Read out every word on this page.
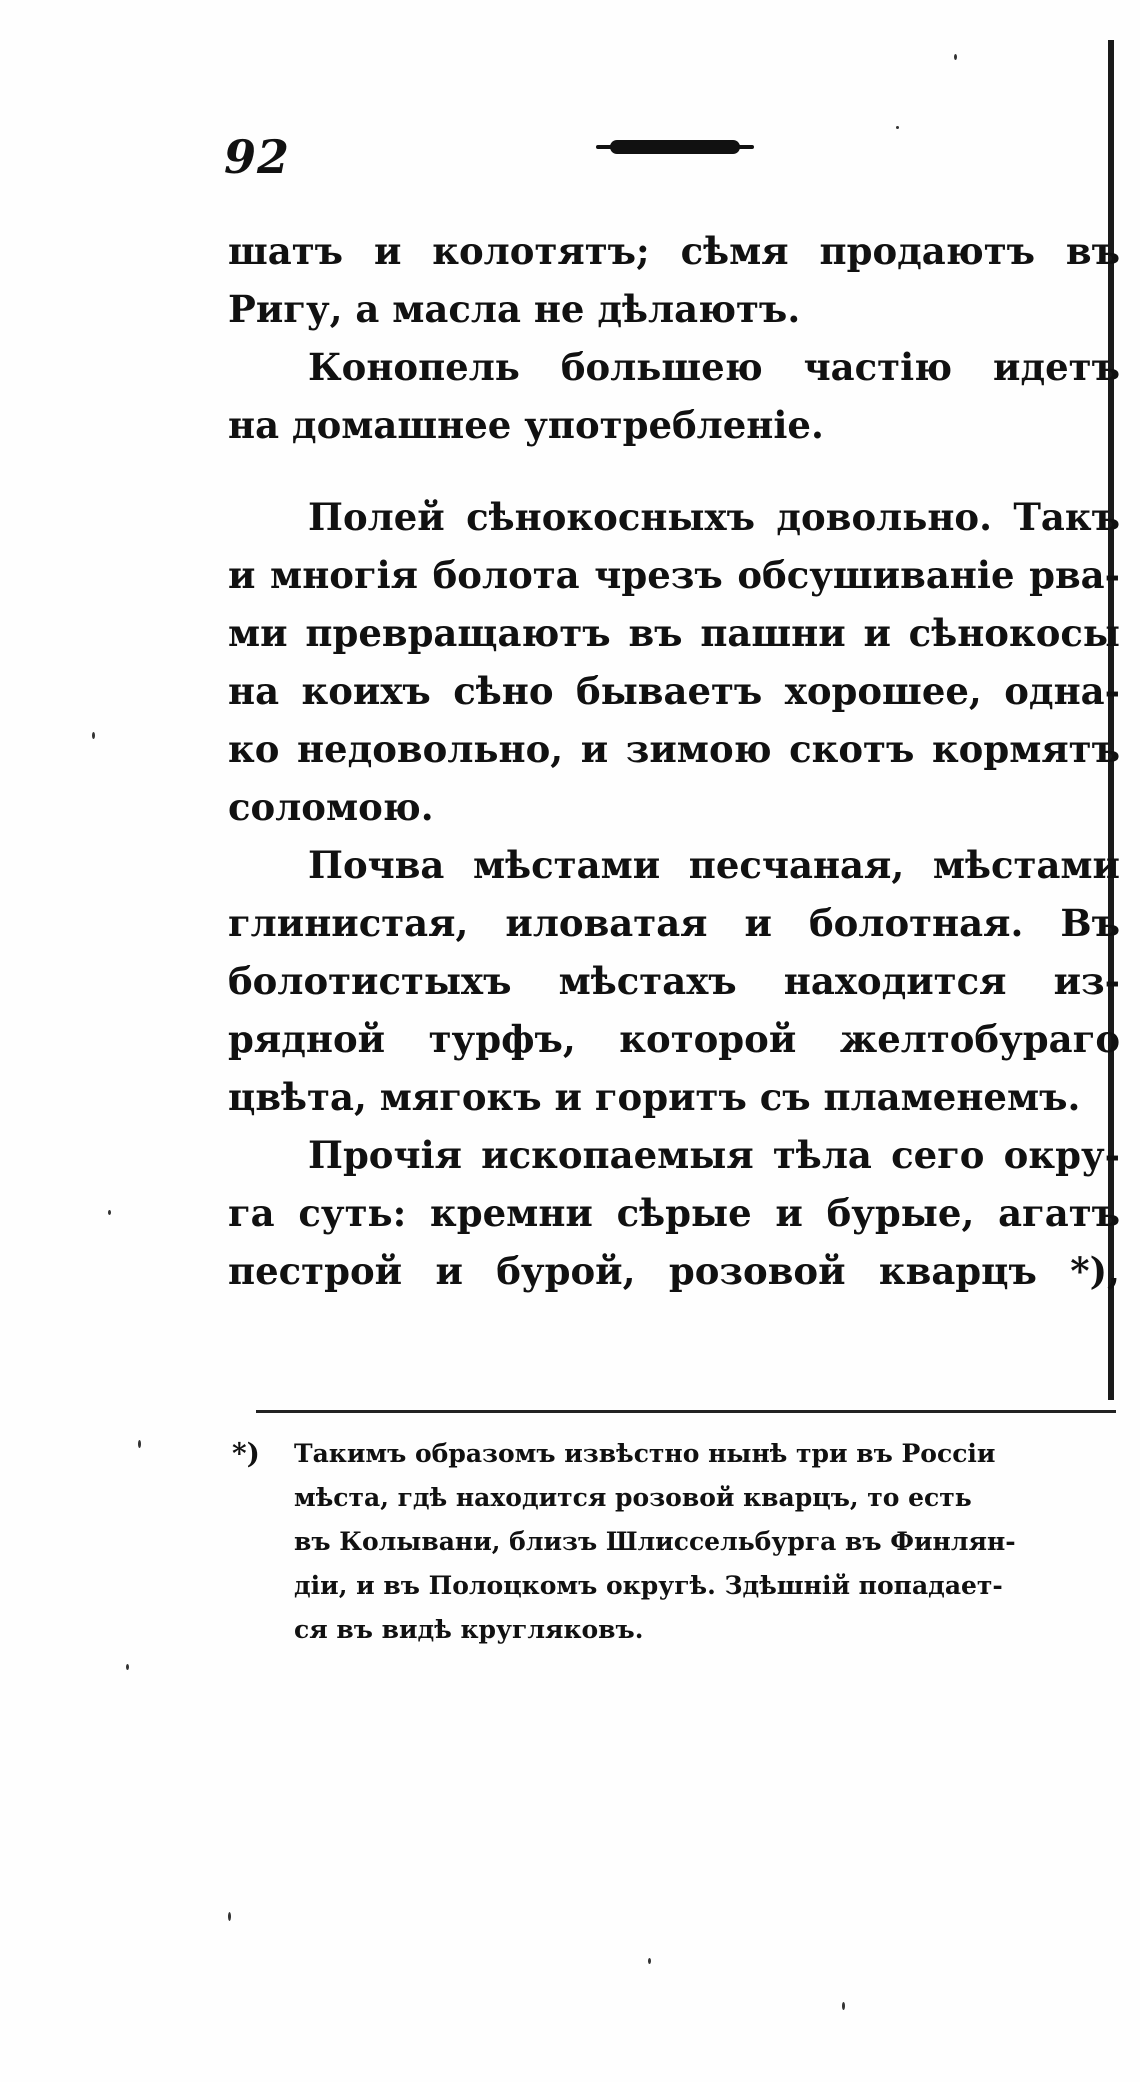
92
шатъ и колотятъ; сѣмя продаютъ въ
Ригу, а масла не дѣлаютъ.
Конопель большею частію идетъ
на домашнее употребленіе.
Полей сѣнокосныхъ довольно. Такъ
и многія болота чрезъ обсушиваніе рва-
ми превращаютъ въ пашни и сѣнокосы
на коихъ сѣно бываетъ хорошее, одна-
ко недовольно, и зимою скотъ кормятъ
соломою.
Почва мѣстами песчаная, мѣстами
глинистая, иловатая и болотная. Въ
болотистыхъ мѣстахъ находится из-
рядной турфъ, которой желтобураго
цвѣта, мягокъ и горитъ съ пламенемъ.
Прочія ископаемыя тѣла сего окру-
га суть: кремни сѣрые и бурые, агатъ
пестрой и бурой, розовой кварцъ *),
*) Такимъ образомъ извѣстно нынѣ три въ Россіи
мѣста, гдѣ находится розовой кварцъ, то есть
въ Колывани, близъ Шлиссельбурга въ Финлян-
діи, и въ Полоцкомъ округѣ. Здѣшній попадает-
ся въ видѣ кругляковъ.
